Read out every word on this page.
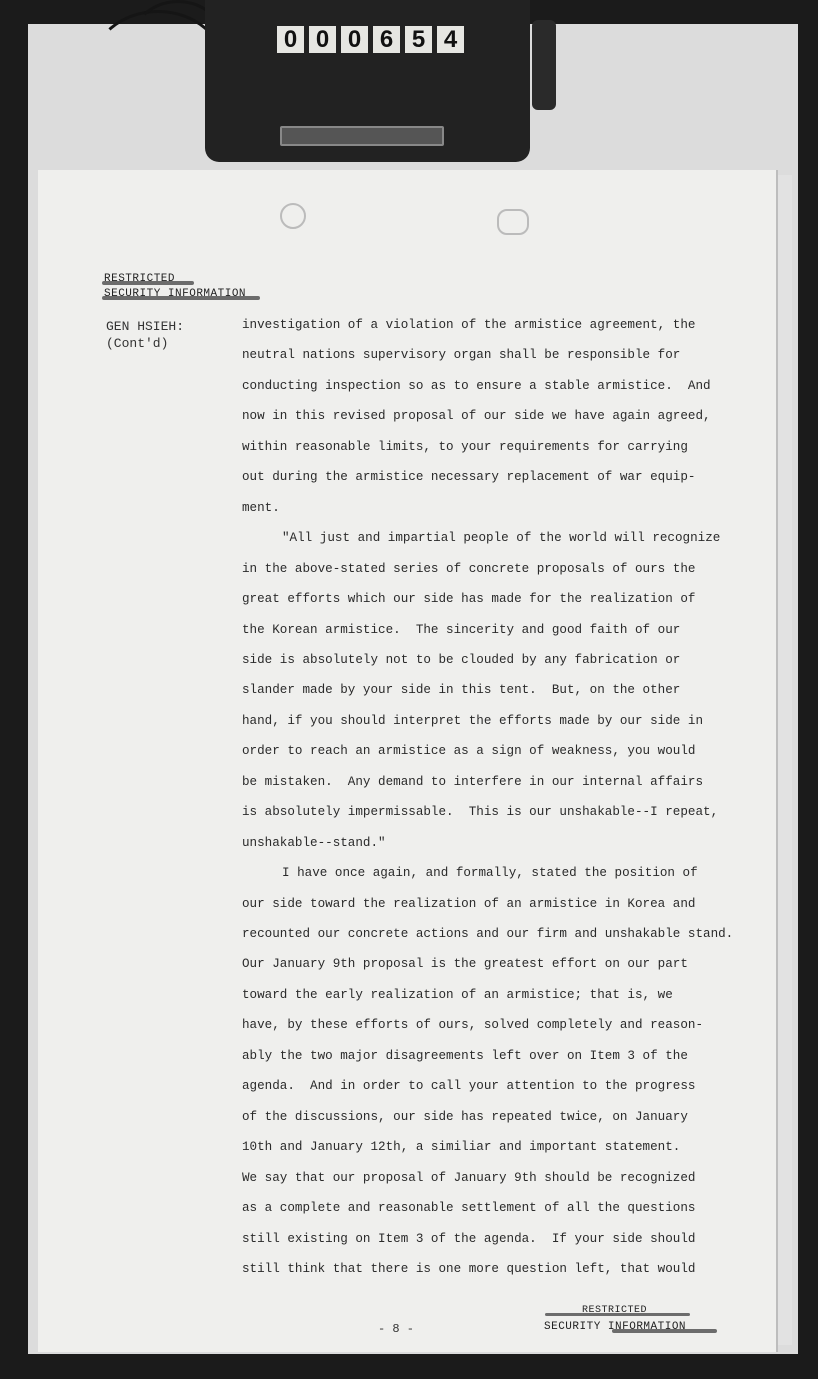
0 0 0 6 5 4
RESTRICTED
SECURITY INFORMATION
GEN HSIEH:
(Cont'd)
investigation of a violation of the armistice agreement, the
neutral nations supervisory organ shall be responsible for
conducting inspection so as to ensure a stable armistice.  And
now in this revised proposal of our side we have again agreed,
within reasonable limits, to your requirements for carrying
out during the armistice necessary replacement of war equip-
ment.
"All just and impartial people of the world will recognize
in the above-stated series of concrete proposals of ours the
great efforts which our side has made for the realization of
the Korean armistice.  The sincerity and good faith of our
side is absolutely not to be clouded by any fabrication or
slander made by your side in this tent.  But, on the other
hand, if you should interpret the efforts made by our side in
order to reach an armistice as a sign of weakness, you would
be mistaken.  Any demand to interfere in our internal affairs
is absolutely impermissable.  This is our unshakable--I repeat,
unshakable--stand."
I have once again, and formally, stated the position of
our side toward the realization of an armistice in Korea and
recounted our concrete actions and our firm and unshakable stand.
Our January 9th proposal is the greatest effort on our part
toward the early realization of an armistice; that is, we
have, by these efforts of ours, solved completely and reason-
ably the two major disagreements left over on Item 3 of the
agenda.  And in order to call your attention to the progress
of the discussions, our side has repeated twice, on January
10th and January 12th, a similiar and important statement.
We say that our proposal of January 9th should be recognized
as a complete and reasonable settlement of all the questions
still existing on Item 3 of the agenda.  If your side should
still think that there is one more question left, that would
- 8 -
RESTRICTED
SECURITY INFORMATION
